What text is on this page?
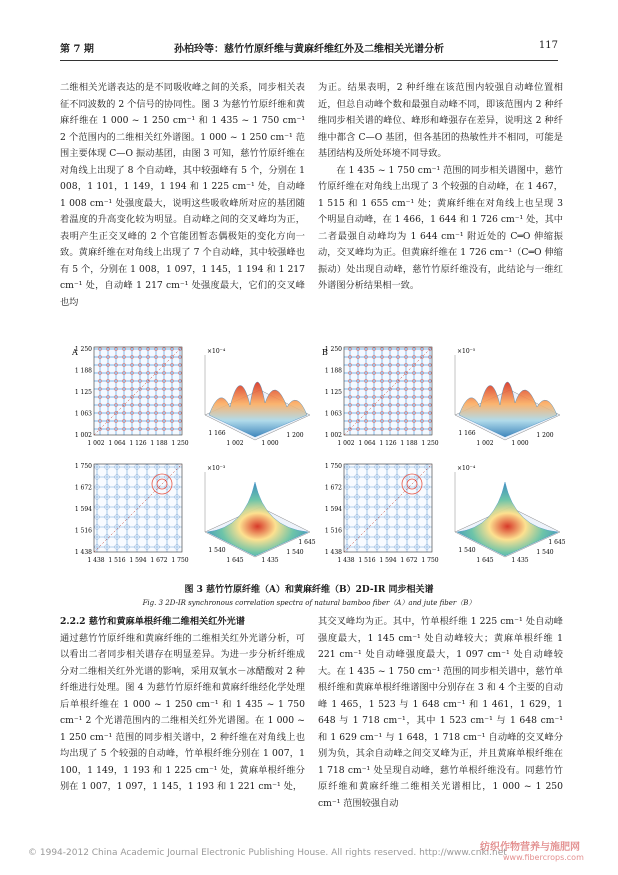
第 7 期	孙柏玲等：慈竹竹原纤维与黄麻纤维红外及二维相关光谱分析	117

二维相关光谱表达的是不同吸收峰之间的关系，同步相关表征不同波数的 2 个信号的协同性。图 3 为慈竹竹原纤维和黄麻纤维在 1 000 ~ 1 250 cm⁻¹ 和 1 435 ~ 1 750 cm⁻¹ 2 个范围内的二维相关红外谱图。1 000 ~ 1 250 cm⁻¹ 范围主要体现 C—O 振动基团，由图 3 可知，慈竹竹原纤维在对角线上出现了 8 个自动峰，其中较强峰有 5 个，分别在 1 008，1 101，1 149，1 194 和 1 225 cm⁻¹ 处，自动峰 1 008 cm⁻¹ 处强度最大，说明这些吸收峰所对应的基团随着温度的升高变化较为明显。自动峰之间的交叉峰均为正，表明产生正交叉峰的 2 个官能团暂态偶极矩的变化方向一致。黄麻纤维在对角线上出现了 7 个自动峰，其中较强峰也有 5 个，分别在 1 008，1 097，1 145，1 194 和 1 217 cm⁻¹ 处，自动峰 1 217 cm⁻¹ 处强度最大，它们的交叉峰也均

为正。结果表明，2 种纤维在该范围内较强自动峰位置相近，但总自动峰个数和最强自动峰不同，即该范围内 2 种纤维同步相关谱的峰位、峰形和峰强存在差异，说明这 2 种纤维中都含 C—O 基团，但各基团的热敏性并不相同，可能是基团结构及所处环境不同导致。

在 1 435 ~ 1 750 cm⁻¹ 范围的同步相关谱图中，慈竹竹原纤维在对角线上出现了 3 个较强的自动峰，在 1 467，1 515 和 1 655 cm⁻¹ 处；黄麻纤维在对角线上也呈现 3 个明显自动峰，在 1 466，1 644 和 1 726 cm⁻¹ 处，其中二者最强自动峰均为 1 644 cm⁻¹ 附近处的 C═O 伸缩振动，交叉峰均为正。但黄麻纤维在 1 726 cm⁻¹（C═O 伸缩振动）处出现自动峰，慈竹竹原纤维没有，此结论与一维红外谱图分析结果相一致。

A
1 250
1 188
1 125
1 063
1 002
1 002 1 064 1 126 1 188 1 250
×10⁻⁴
1 166
1 002	1 000
1 200
B
1 250
1 188
1 125
1 063
1 002
1 002 1 064 1 126 1 188 1 250
×10⁻⁵
1 166
1 002	1 000
1 200
1 750
1 672
1 594
1 516
1 438
1 438 1 516 1 594 1 672 1 750
×10⁻³
1 540
1 645	1 435
1 540
1 645
1 750
1 672
1 594
1 516
1 438
1 438 1 516 1 594 1 672 1 750
×10⁻⁴
1 540
1 645	1 435
1 540
1 645
图 3 慈竹竹原纤维（A）和黄麻纤维（B）2D-IR 同步相关谱
Fig. 3 2D-IR synchronous correlation spectra of natural bamboo fiber（A）and jute fiber（B）

2.2.2 慈竹和黄麻单根纤维二维相关红外光谱

通过慈竹竹原纤维和黄麻纤维的二维相关红外光谱分析，可以看出二者同步相关谱存在明显差异。为进一步分析纤维成分对二维相关红外光谱的影响，采用双氧水－冰醋酸对 2 种纤维进行处理。图 4 为慈竹竹原纤维和黄麻纤维经化学处理后单根纤维在 1 000 ~ 1 250 cm⁻¹ 和 1 435 ~ 1 750 cm⁻¹ 2 个光谱范围内的二维相关红外光谱图。在 1 000 ~ 1 250 cm⁻¹ 范围的同步相关谱中，2 种纤维在对角线上也均出现了 5 个较强的自动峰，竹单根纤维分别在 1 007，1 100，1 149，1 193 和 1 225 cm⁻¹ 处，黄麻单根纤维分别在 1 007，1 097，1 145，1 193 和 1 221 cm⁻¹ 处，

其交叉峰均为正。其中，竹单根纤维 1 225 cm⁻¹ 处自动峰强度最大，1 145 cm⁻¹ 处自动峰较大；黄麻单根纤维 1 221 cm⁻¹ 处自动峰强度最大，1 097 cm⁻¹ 处自动峰较大。在 1 435 ~ 1 750 cm⁻¹ 范围的同步相关谱中，慈竹单根纤维和黄麻单根纤维谱图中分别存在 3 和 4 个主要的自动峰 1 465，1 523 与 1 648 cm⁻¹ 和 1 461，1 629，1 648 与 1 718 cm⁻¹，其中 1 523 cm⁻¹ 与 1 648 cm⁻¹ 和 1 629 cm⁻¹ 与 1 648，1 718 cm⁻¹ 自动峰的交叉峰分别为负，其余自动峰之间交叉峰为正，并且黄麻单根纤维在 1 718 cm⁻¹ 处呈现自动峰，慈竹单根纤维没有。同慈竹竹原纤维和黄麻纤维二维相关光谱相比，1 000 ~ 1 250 cm⁻¹ 范围较强自动

© 1994-2012 China Academic Journal Electronic Publishing House. All rights reserved. http://www.cnki.net
纺织作物营养与施肥网
www.fibercrops.com
